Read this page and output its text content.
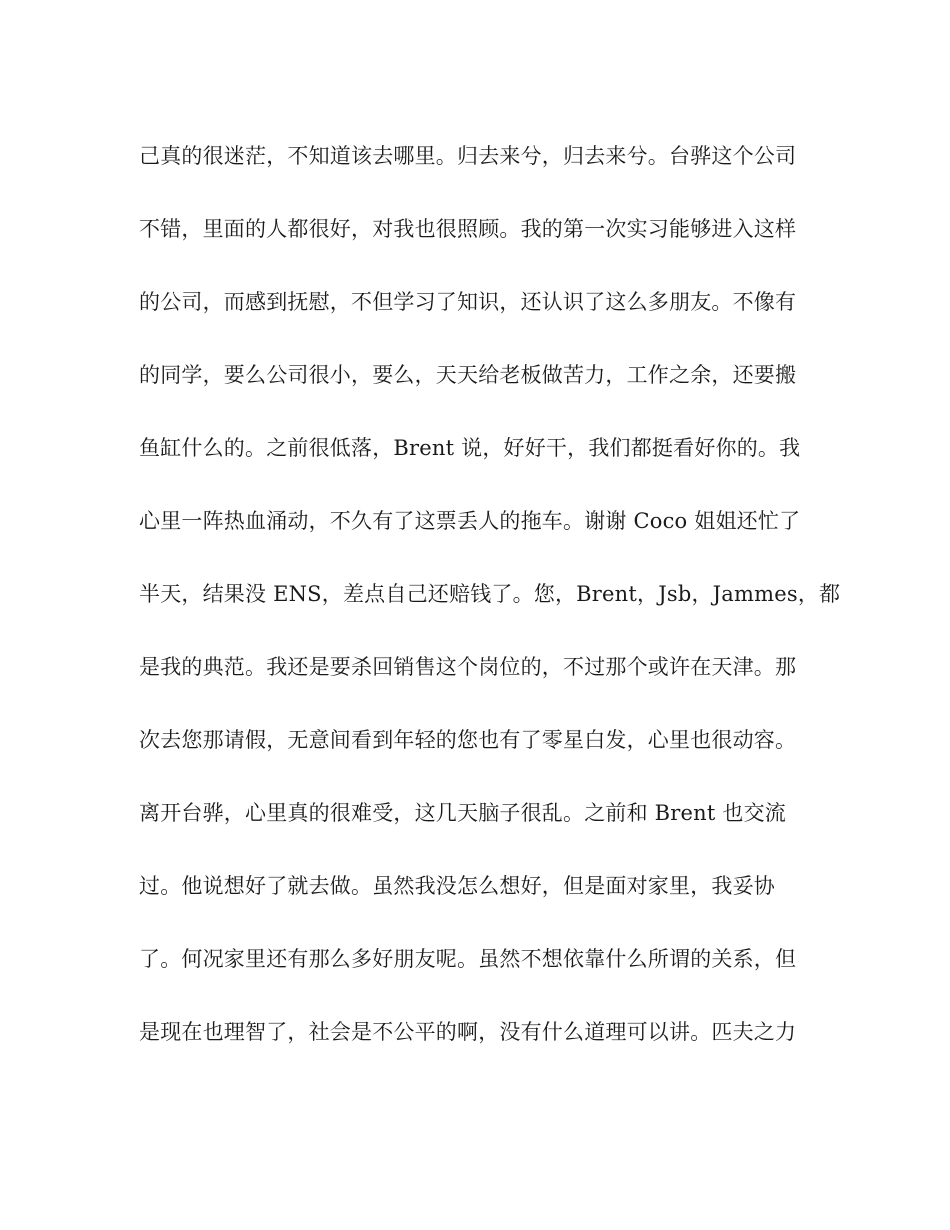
己真的很迷茫，不知道该去哪里。归去来兮，归去来兮。台骅这个公司
不错，里面的人都很好，对我也很照顾。我的第一次实习能够进入这样
的公司，而感到抚慰，不但学习了知识，还认识了这么多朋友。不像有
的同学，要么公司很小，要么，天天给老板做苦力，工作之余，还要搬
鱼缸什么的。之前很低落，Brent 说，好好干，我们都挺看好你的。我
心里一阵热血涌动，不久有了这票丢人的拖车。谢谢 Coco 姐姐还忙了
半天，结果没 ENS，差点自己还赔钱了。您，Brent，Jsb，Jammes，都
是我的典范。我还是要杀回销售这个岗位的，不过那个或许在天津。那
次去您那请假，无意间看到年轻的您也有了零星白发，心里也很动容。
离开台骅，心里真的很难受，这几天脑子很乱。之前和 Brent 也交流
过。他说想好了就去做。虽然我没怎么想好，但是面对家里，我妥协
了。何况家里还有那么多好朋友呢。虽然不想依靠什么所谓的关系，但
是现在也理智了，社会是不公平的啊，没有什么道理可以讲。匹夫之力
